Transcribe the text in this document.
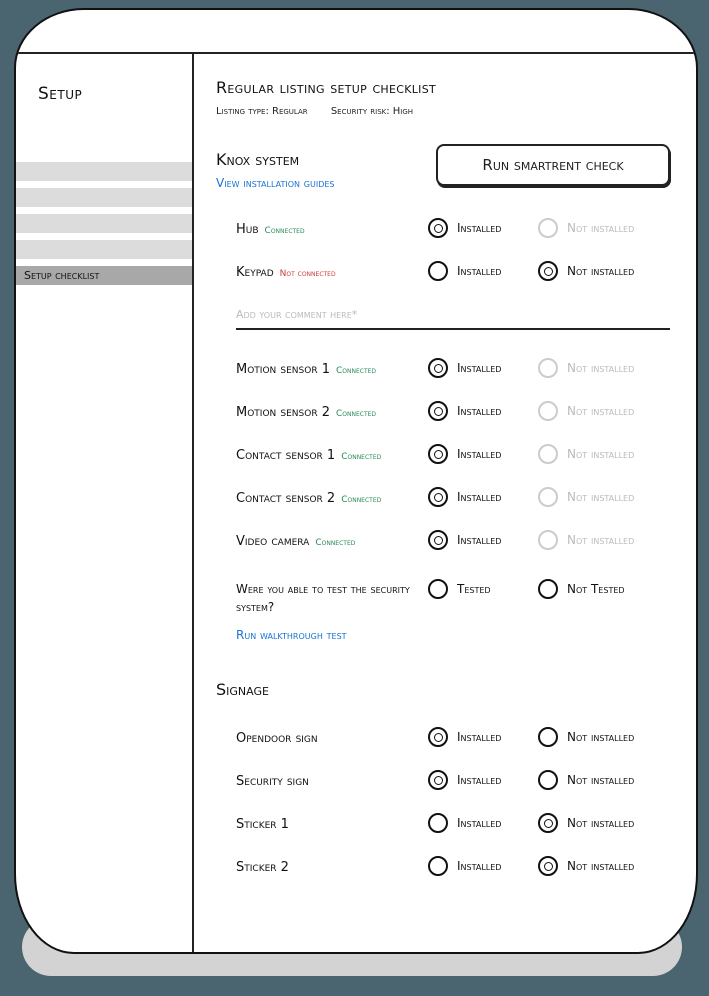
Setup
Setup checklist
Regular listing setup checklist
Listing type: Regular Security risk: High
Knox system
View installation guides
Run smartrent check
Hub Connected	Installed	Not installed
Keypad Not connected	Installed	Not installed
Add your comment here*
Motion sensor 1 Connected	Installed	Not installed
Motion sensor 2 Connected	Installed	Not installed
Contact sensor 1 Connected	Installed	Not installed
Contact sensor 2 Connected	Installed	Not installed
Video camera Connected	Installed	Not installed
Were you able to test the security system?
Tested	Not Tested
Run walkthrough test
Signage
Opendoor sign	Installed	Not installed
Security sign	Installed	Not installed
Sticker 1	Installed	Not installed
Sticker 2	Installed	Not installed
